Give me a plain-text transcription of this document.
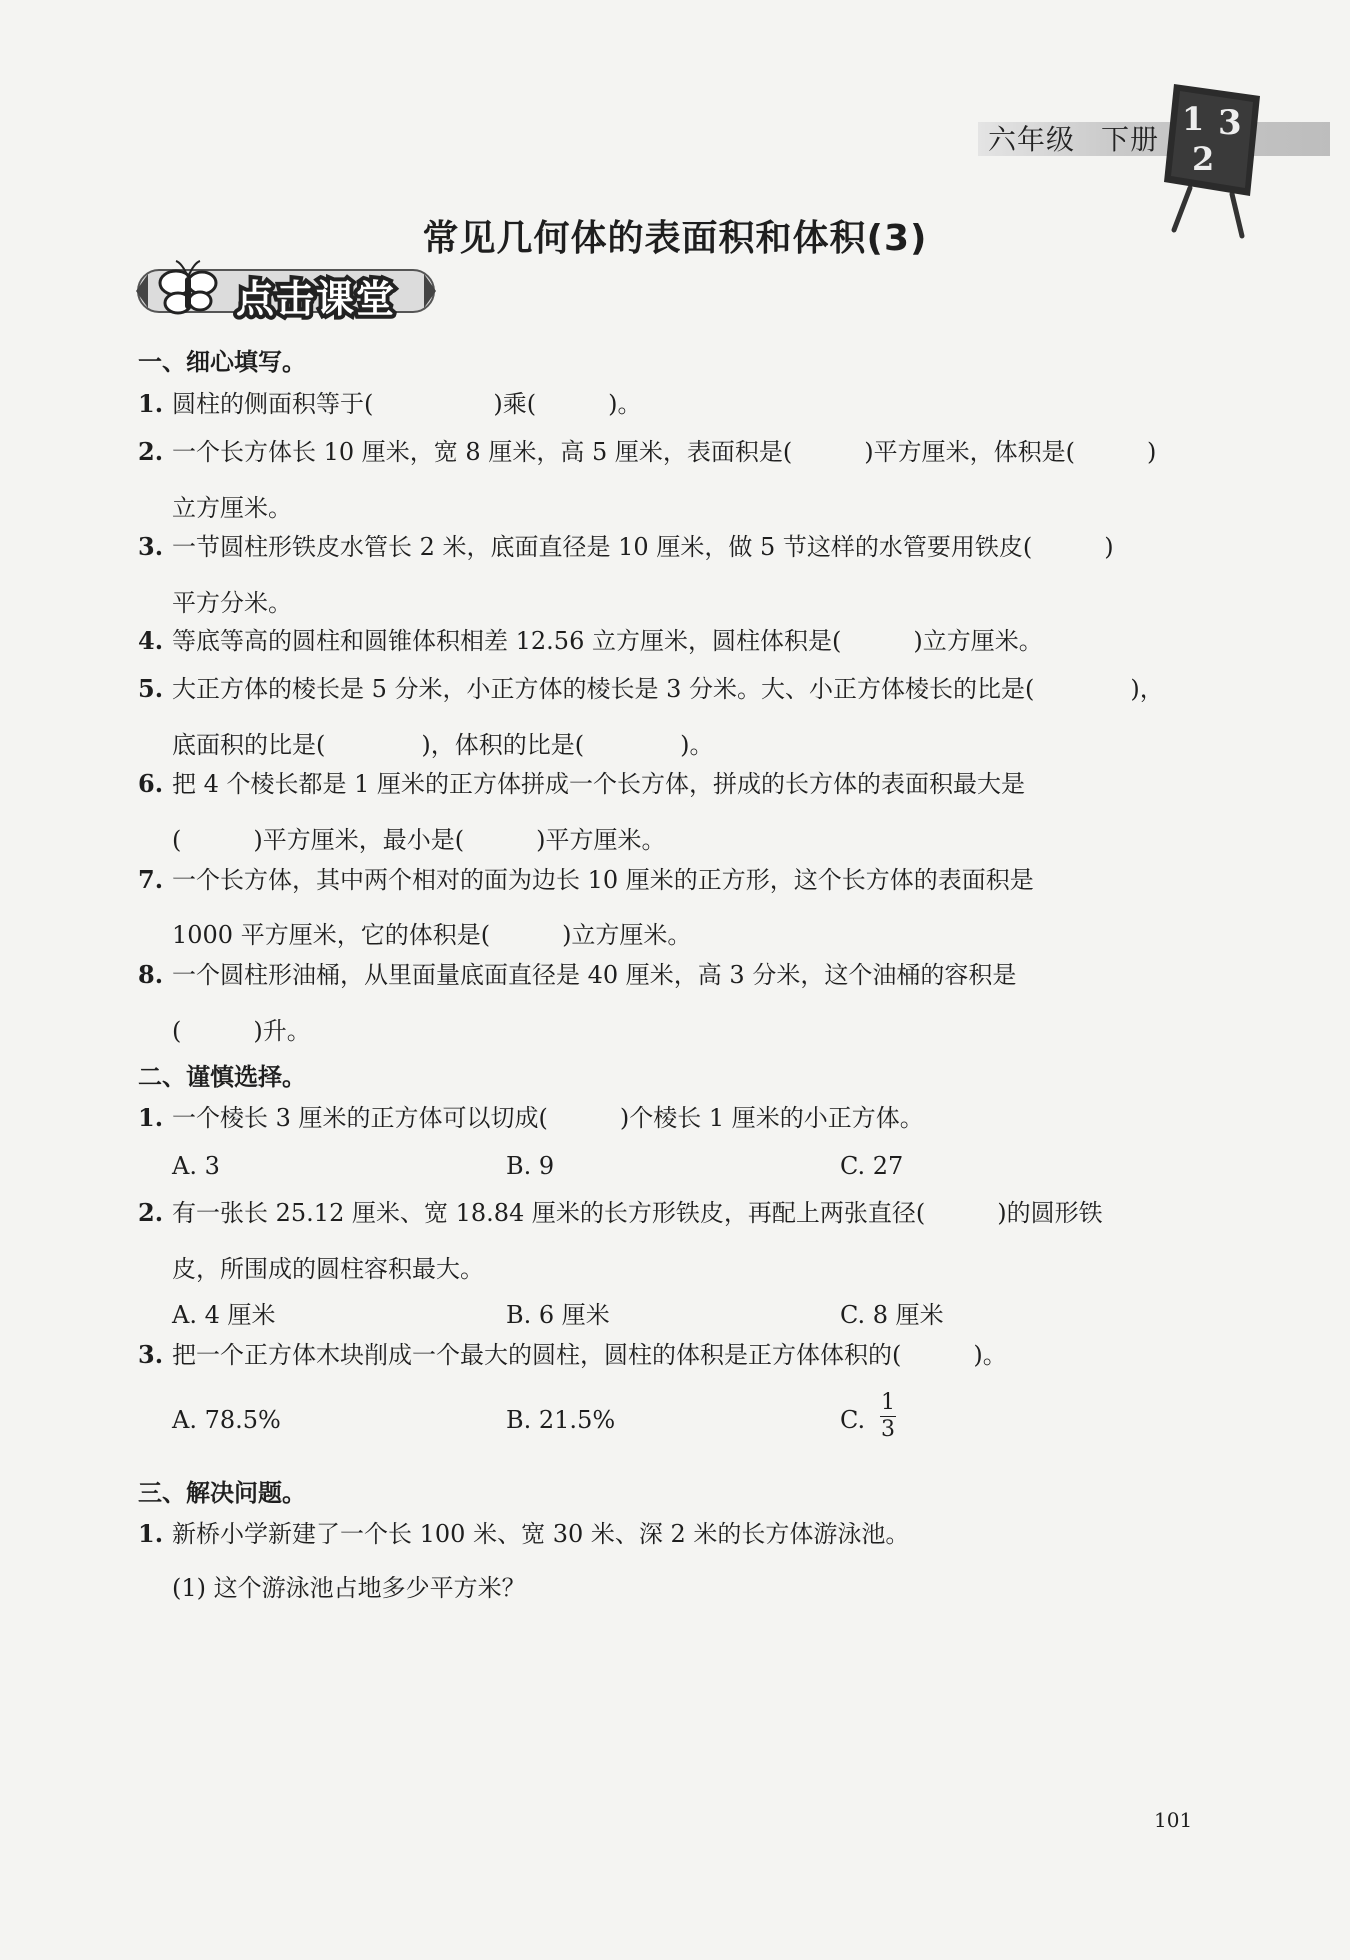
六年级 下册
1 3
2
常见几何体的表面积和体积(3)
点击课堂
一、细心填写。
1. 圆柱的侧面积等于(　　　　　)乘(　　　)。
2. 一个长方体长 10 厘米，宽 8 厘米，高 5 厘米，表面积是(　　　)平方厘米，体积是(　　　)
立方厘米。
3. 一节圆柱形铁皮水管长 2 米，底面直径是 10 厘米，做 5 节这样的水管要用铁皮(　　　)
平方分米。
4. 等底等高的圆柱和圆锥体积相差 12.56 立方厘米，圆柱体积是(　　　)立方厘米。
5. 大正方体的棱长是 5 分米，小正方体的棱长是 3 分米。大、小正方体棱长的比是(　　　　)，
底面积的比是(　　　　)，体积的比是(　　　　)。
6. 把 4 个棱长都是 1 厘米的正方体拼成一个长方体，拼成的长方体的表面积最大是
(　　　)平方厘米，最小是(　　　)平方厘米。
7. 一个长方体，其中两个相对的面为边长 10 厘米的正方形，这个长方体的表面积是
1000 平方厘米，它的体积是(　　　)立方厘米。
8. 一个圆柱形油桶，从里面量底面直径是 40 厘米，高 3 分米，这个油桶的容积是
(　　　)升。
二、谨慎选择。
1. 一个棱长 3 厘米的正方体可以切成(　　　)个棱长 1 厘米的小正方体。
A. 3	B. 9	C. 27
2. 有一张长 25.12 厘米、宽 18.84 厘米的长方形铁皮，再配上两张直径(　　　)的圆形铁
皮，所围成的圆柱容积最大。
A. 4 厘米	B. 6 厘米	C. 8 厘米
3. 把一个正方体木块削成一个最大的圆柱，圆柱的体积是正方体体积的(　　　)。
A. 78.5%	B. 21.5%	C.
1
3
三、解决问题。
1. 新桥小学新建了一个长 100 米、宽 30 米、深 2 米的长方体游泳池。
(1) 这个游泳池占地多少平方米？
101
